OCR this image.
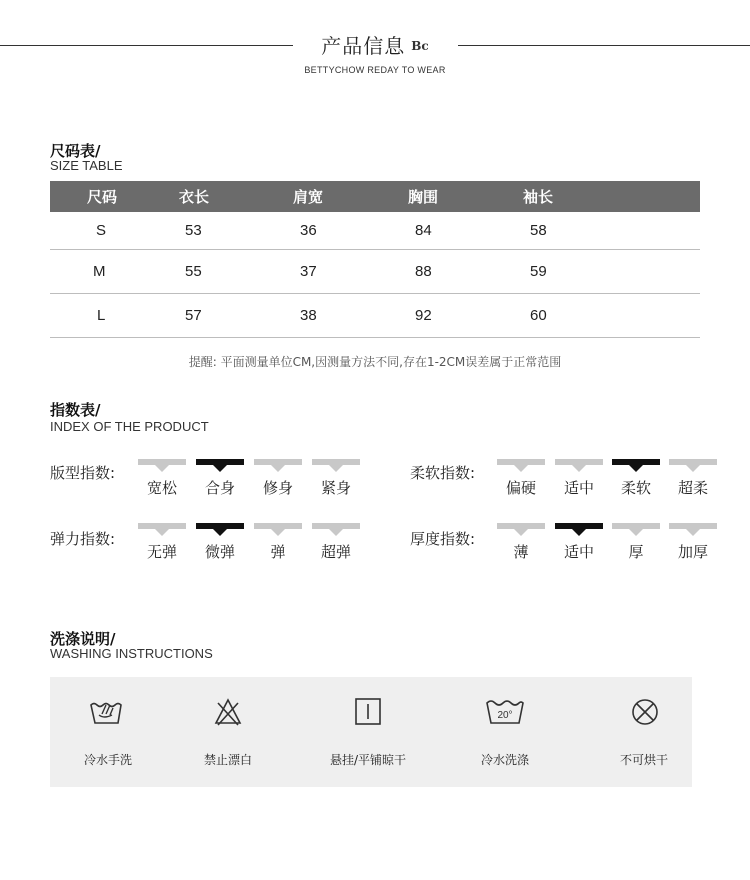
产品信息 Bc
BETTYCHOW REDAY TO WEAR
尺码表/
SIZE TABLE
尺码	衣长	肩宽	胸围	袖长
S	53	36	84	58
M	55	37	88	59
L	57	38	92	60
提醒: 平面测量单位CM,因测量方法不同,存在1-2CM误差属于正常范围
指数表/
INDEX OF THE PRODUCT
版型指数:
宽松	合身	修身	紧身
柔软指数:
偏硬	适中	柔软	超柔
弹力指数:
无弹	微弹	弹	超弹
厚度指数:
薄	适中	厚	加厚
洗涤说明/
WASHING INSTRUCTIONS
冷水手洗	禁止漂白	悬挂/平铺晾干
20°
冷水洗涤	不可烘干
